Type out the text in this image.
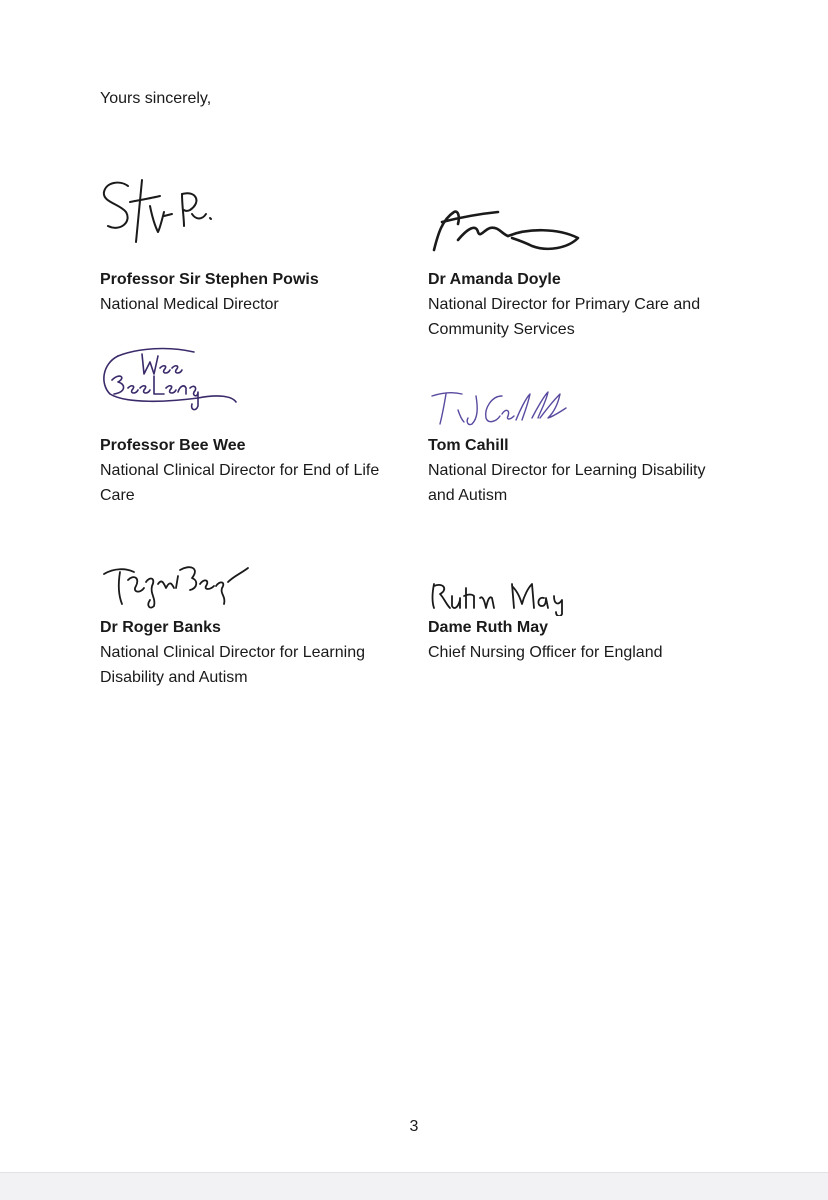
Yours sincerely,

Professor Sir Stephen Powis

National Medical Director

Dr Amanda Doyle

National Director for Primary Care and

Community Services

Professor Bee Wee

National Clinical Director for End of Life

Care

Tom Cahill

National Director for Learning Disability

and Autism

Dr Roger Banks

National Clinical Director for Learning

Disability and Autism

Dame Ruth May

Chief Nursing Officer for England

3
